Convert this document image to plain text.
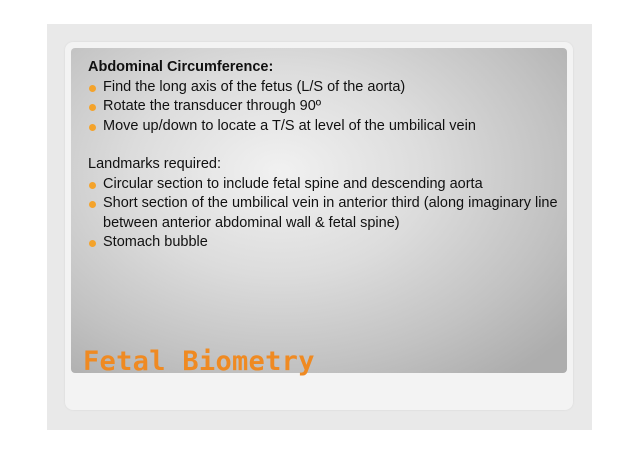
Abdominal Circumference:

Find the long axis of the fetus (L/S of the aorta)
Rotate the transducer through 90º
Move up/down to locate a T/S at level of the umbilical vein

Landmarks required:

Circular section to include fetal spine and descending aorta
Short section of the umbilical vein in anterior third (along imaginary line between anterior abdominal wall & fetal spine)
Stomach bubble
Fetal Biometry
